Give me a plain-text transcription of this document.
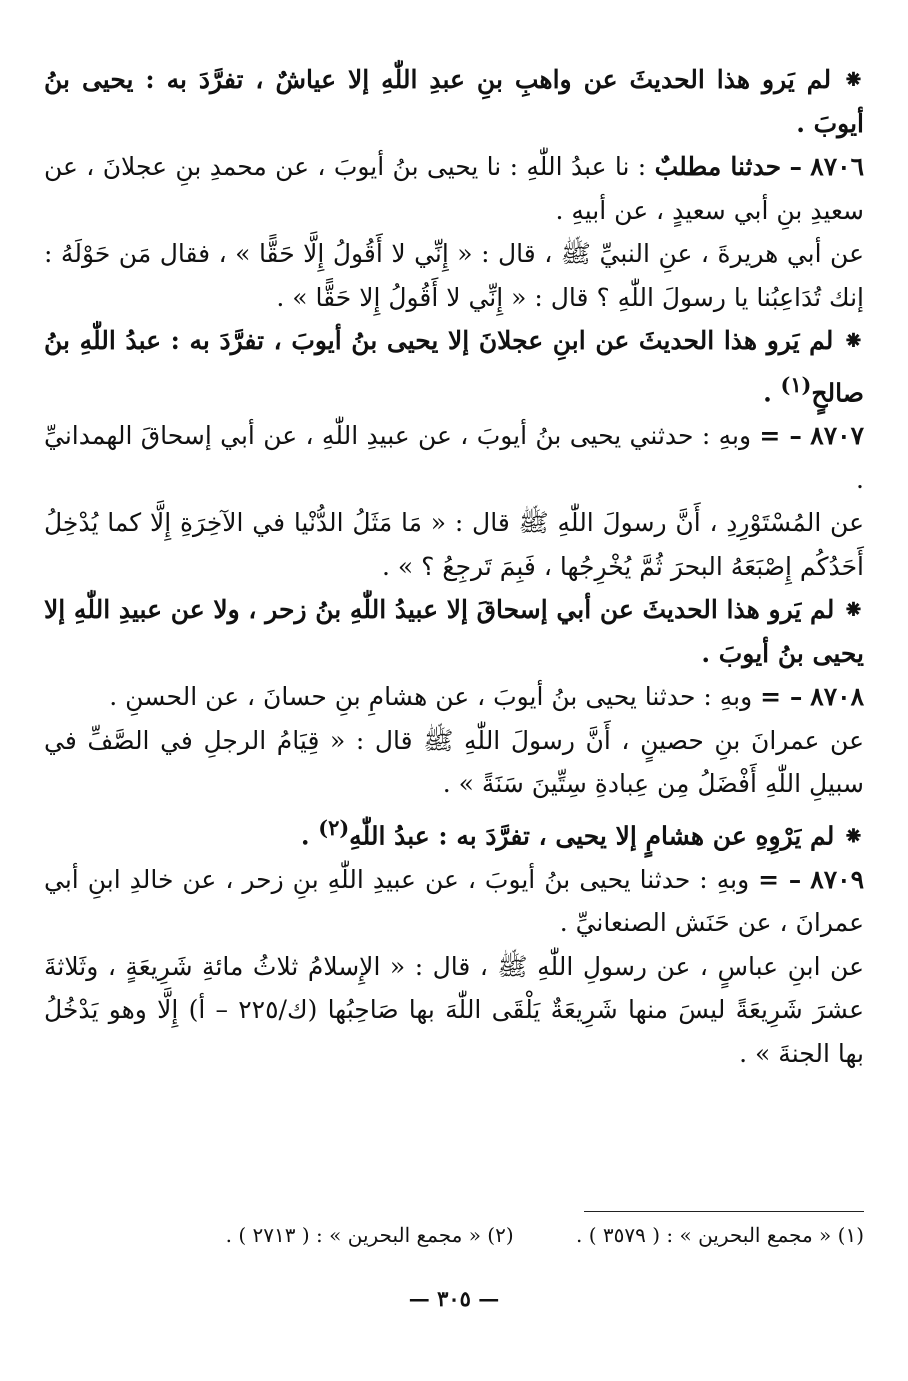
⁕ لم يَرو هذا الحديثَ عن واهبِ بنِ عبدِ اللّٰهِ إلا عياشٌ ، تفرَّدَ به : يحيى بنُ أيوبَ .

٨٧٠٦ – حدثنا مطلبٌ : نا عبدُ اللّٰهِ : نا يحيى بنُ أيوبَ ، عن محمدِ بنِ عجلانَ ، عن سعيدِ بنِ أبي سعيدٍ ، عن أبيهِ .

عن أبي هريرةَ ، عنِ النبيِّ ﷺ ، قال : « إِنِّي لا أَقُولُ إِلَّا حَقًّا » ، فقال مَن حَوْلَهُ : إنك تُدَاعِبُنا يا رسولَ اللّٰهِ ؟ قال : « إِنِّي لا أَقُولُ إِلا حَقًّا » .

⁕ لم يَرو هذا الحديثَ عن ابنِ عجلانَ إلا يحيى بنُ أيوبَ ، تفرَّدَ به : عبدُ اللّٰهِ بنُ صالحٍ$^{(١)}$ .

٨٧٠٧ – = وبهِ : حدثني يحيى بنُ أيوبَ ، عن عبيدِ اللّٰهِ ، عن أبي إسحاقَ الهمدانيِّ .

عن المُسْتَوْرِدِ ، أَنَّ رسولَ اللّٰهِ ﷺ قال : « مَا مَثَلُ الدُّنْيا في الآخِرَةِ إِلَّا كما يُدْخِلُ أَحَدُكُم إِصْبَعَهُ البحرَ ثُمَّ يُخْرِجُها ، فَبِمَ تَرجِعُ ؟ » .

⁕ لم يَرو هذا الحديثَ عن أبي إسحاقَ إلا عبيدُ اللّٰهِ بنُ زحر ، ولا عن عبيدِ اللّٰهِ إلا يحيى بنُ أيوبَ .

٨٧٠٨ – = وبهِ : حدثنا يحيى بنُ أيوبَ ، عن هشامِ بنِ حسانَ ، عن الحسنِ .

عن عمرانَ بنِ حصينٍ ، أَنَّ رسولَ اللّٰهِ ﷺ قال : « قِيَامُ الرجلِ في الصَّفِّ في سبيلِ اللّٰهِ أَفْضَلُ مِن عِبادةِ سِتِّينَ سَنَةً » .

⁕ لم يَرْوِهِ عن هشامٍ إلا يحيى ، تفرَّدَ به : عبدُ اللّٰهِ$^{(٢)}$ .

٨٧٠٩ – = وبهِ : حدثنا يحيى بنُ أيوبَ ، عن عبيدِ اللّٰهِ بنِ زحر ، عن خالدِ ابنِ أبي عمرانَ ، عن حَنَش الصنعانيِّ .

عن ابنِ عباسٍ ، عن رسولِ اللّٰهِ ﷺ ، قال : « الإِسلامُ ثلاثُ مائةِ شَرِيعَةٍ ، وثَلاثةَ عشرَ شَرِيعَةً ليسَ منها شَرِيعَةٌ يَلْقَى اللّٰهَ بها صَاحِبُها (ك/٢٢٥ – أ) إِلَّا وهو يَدْخُلُ بها الجنةَ » .

(١) « مجمع البحرين » : ( ٣٥٧٩ ) . (٢) « مجمع البحرين » : ( ٢٧١٣ ) .
— ٣٠٥ —
